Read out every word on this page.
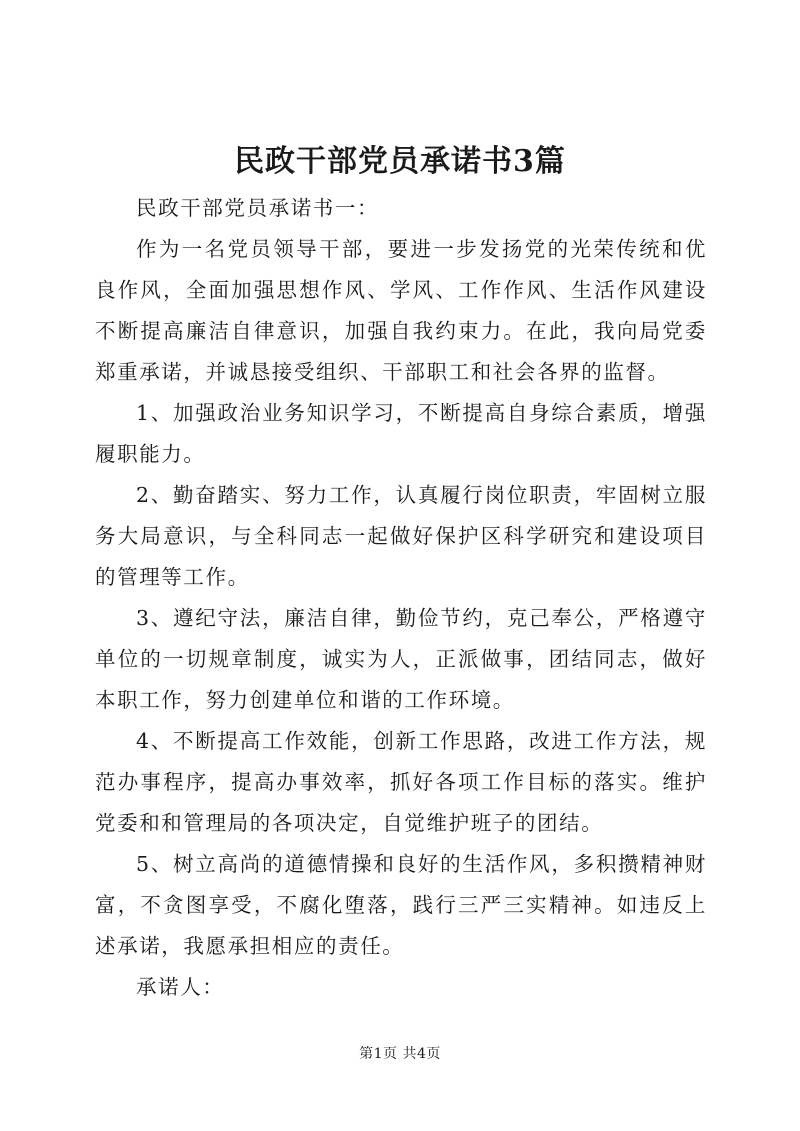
民政干部党员承诺书3篇

民政干部党员承诺书一：

作为一名党员领导干部，要进一步发扬党的光荣传统和优良作风，全面加强思想作风、学风、工作作风、生活作风建设不断提高廉洁自律意识，加强自我约束力。在此，我向局党委郑重承诺，并诚恳接受组织、干部职工和社会各界的监督。

1、加强政治业务知识学习，不断提高自身综合素质，增强履职能力。

2、勤奋踏实、努力工作，认真履行岗位职责，牢固树立服务大局意识，与全科同志一起做好保护区科学研究和建设项目的管理等工作。

3、遵纪守法，廉洁自律，勤俭节约，克己奉公，严格遵守单位的一切规章制度，诚实为人，正派做事，团结同志，做好本职工作，努力创建单位和谐的工作环境。

4、不断提高工作效能，创新工作思路，改进工作方法，规范办事程序，提高办事效率，抓好各项工作目标的落实。维护党委和和管理局的各项决定，自觉维护班子的团结。

5、树立高尚的道德情操和良好的生活作风，多积攒精神财富，不贪图享受，不腐化堕落，践行三严三实精神。如违反上述承诺，我愿承担相应的责任。

承诺人：

第1页 共4页
